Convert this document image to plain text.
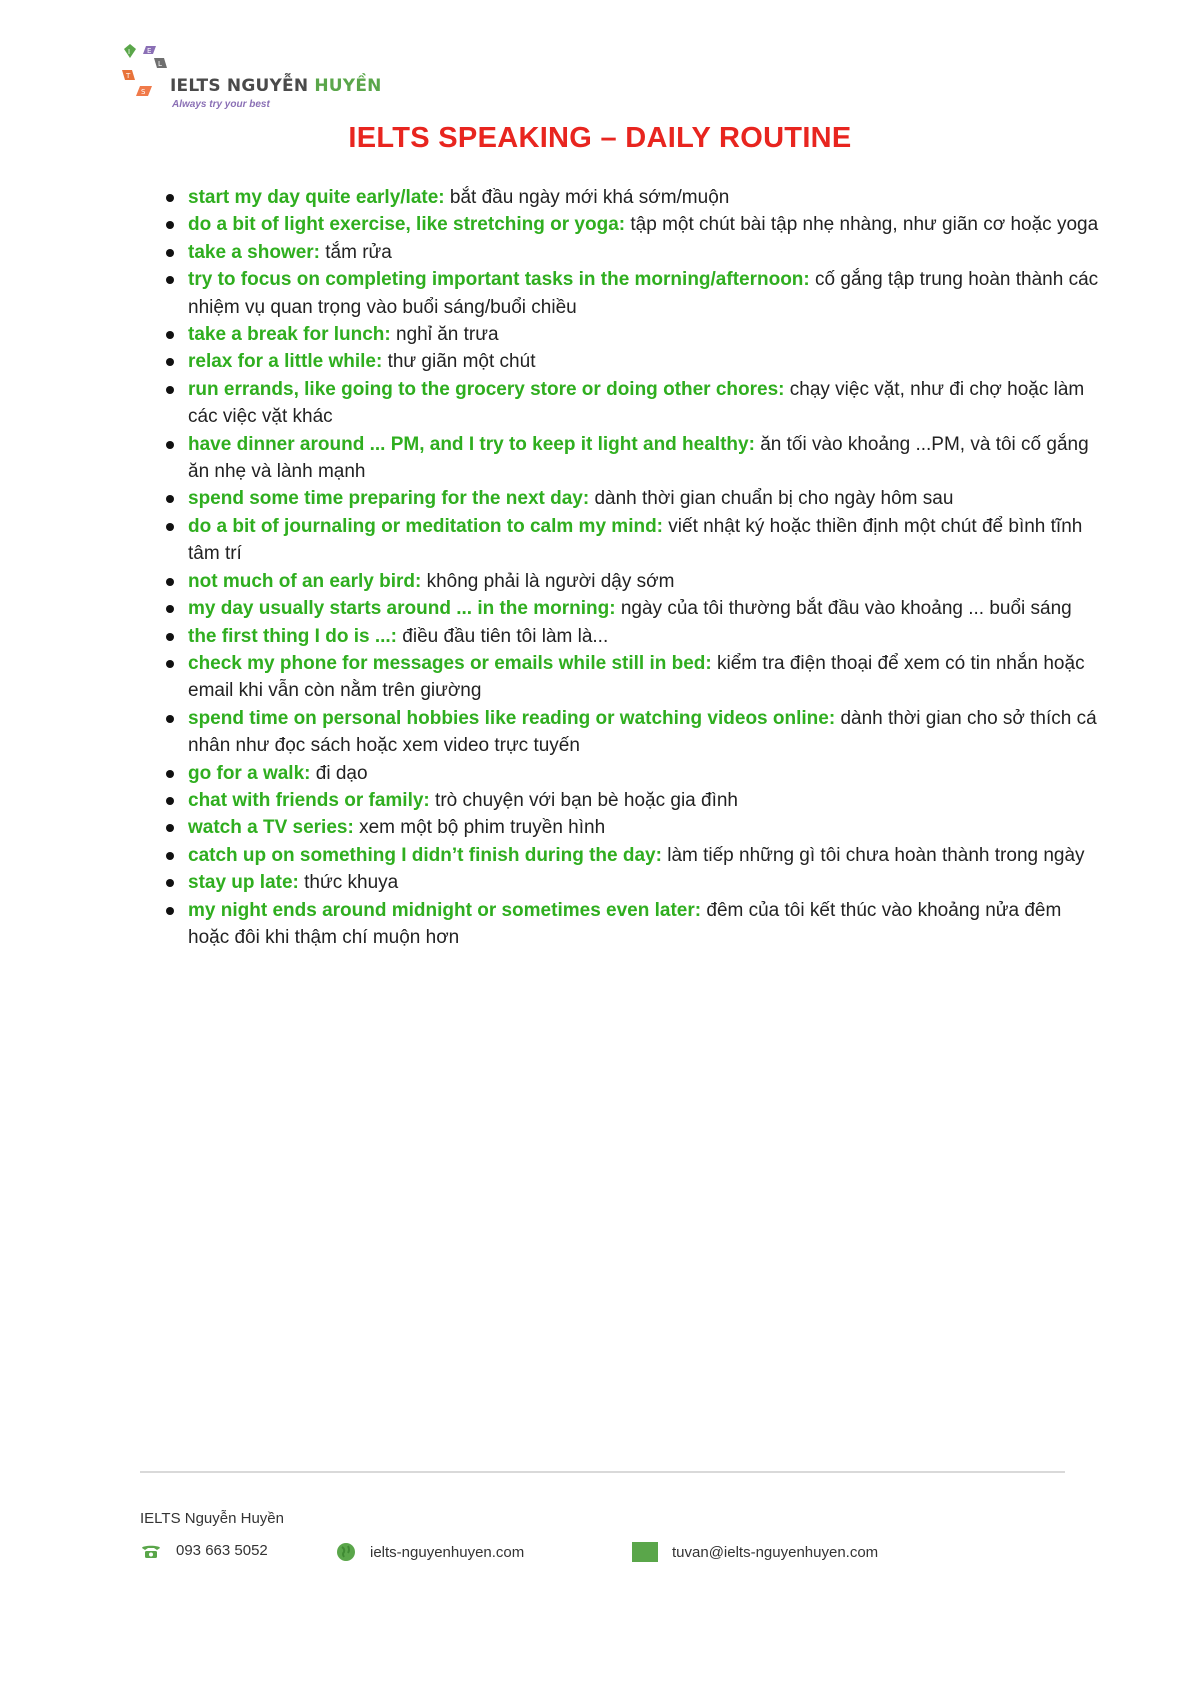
I E
L
T
S IELTS NGUYỄN HUYỀN
Always try your best
IELTS SPEAKING – DAILY ROUTINE
start my day quite early/late: bắt đầu ngày mới khá sớm/muộn
do a bit of light exercise, like stretching or yoga: tập một chút bài tập nhẹ nhàng, như giãn cơ hoặc yoga
take a shower: tắm rửa
try to focus on completing important tasks in the morning/afternoon: cố gắng tập trung hoàn thành các nhiệm vụ quan trọng vào buổi sáng/buổi chiều
take a break for lunch: nghỉ ăn trưa
relax for a little while: thư giãn một chút
run errands, like going to the grocery store or doing other chores: chạy việc vặt, như đi chợ hoặc làm các việc vặt khác
have dinner around ... PM, and I try to keep it light and healthy: ăn tối vào khoảng ...PM, và tôi cố gắng ăn nhẹ và lành mạnh
spend some time preparing for the next day: dành thời gian chuẩn bị cho ngày hôm sau
do a bit of journaling or meditation to calm my mind: viết nhật ký hoặc thiền định một chút để bình tĩnh tâm trí
not much of an early bird: không phải là người dậy sớm
my day usually starts around ... in the morning: ngày của tôi thường bắt đầu vào khoảng ... buổi sáng
the first thing I do is ...: điều đầu tiên tôi làm là...
check my phone for messages or emails while still in bed: kiểm tra điện thoại để xem có tin nhắn hoặc email khi vẫn còn nằm trên giường
spend time on personal hobbies like reading or watching videos online: dành thời gian cho sở thích cá nhân như đọc sách hoặc xem video trực tuyến
go for a walk: đi dạo
chat with friends or family: trò chuyện với bạn bè hoặc gia đình
watch a TV series: xem một bộ phim truyền hình
catch up on something I didn’t finish during the day: làm tiếp những gì tôi chưa hoàn thành trong ngày
stay up late: thức khuya
my night ends around midnight or sometimes even later: đêm của tôi kết thúc vào khoảng nửa đêm hoặc đôi khi thậm chí muộn hơn
IELTS Nguyễn Huyền
093 663 5052	ielts-nguyenhuyen.com	tuvan@ielts-nguyenhuyen.com
